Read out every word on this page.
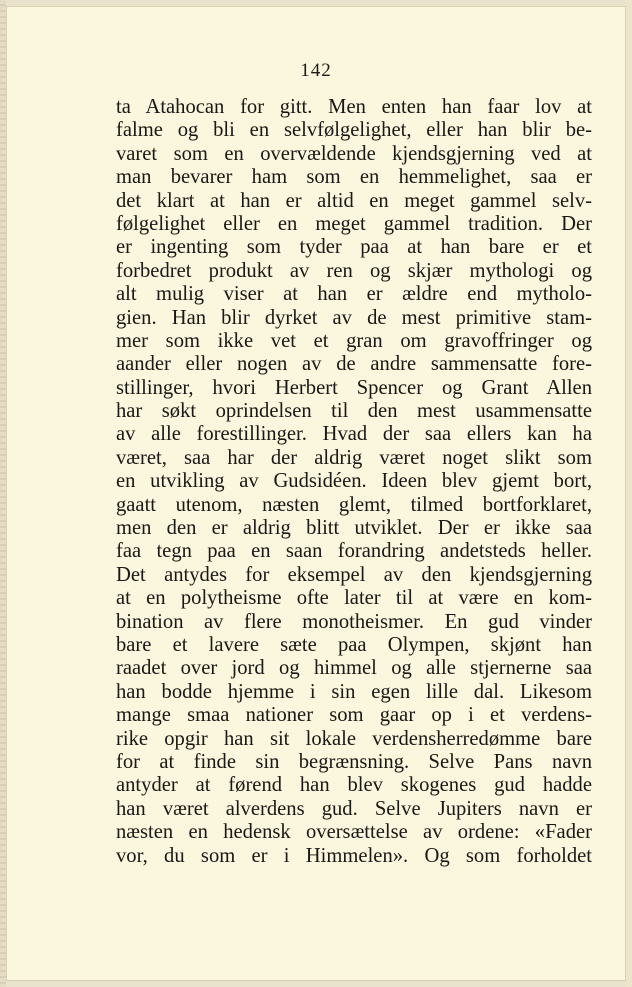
142
ta Atahocan for gitt. Men enten han faar lov at
falme og bli en selvfølgelighet, eller han blir be-
varet som en overvældende kjendsgjerning ved at
man bevarer ham som en hemmelighet, saa er
det klart at han er altid en meget gammel selv-
følgelighet eller en meget gammel tradition. Der
er ingenting som tyder paa at han bare er et
forbedret produkt av ren og skjær mythologi og
alt mulig viser at han er ældre end mytholo-
gien. Han blir dyrket av de mest primitive stam-
mer som ikke vet et gran om gravoffringer og
aander eller nogen av de andre sammensatte fore-
stillinger, hvori Herbert Spencer og Grant Allen
har søkt oprindelsen til den mest usammensatte
av alle forestillinger. Hvad der saa ellers kan ha
været, saa har der aldrig været noget slikt som
en utvikling av Gudsidéen. Ideen blev gjemt bort,
gaatt utenom, næsten glemt, tilmed bortforklaret,
men den er aldrig blitt utviklet. Der er ikke saa
faa tegn paa en saan forandring andetsteds heller.
Det antydes for eksempel av den kjendsgjerning
at en polytheisme ofte later til at være en kom-
bination av flere monotheismer. En gud vinder
bare et lavere sæte paa Olympen, skjønt han
raadet over jord og himmel og alle stjernerne saa
han bodde hjemme i sin egen lille dal. Likesom
mange smaa nationer som gaar op i et verdens-
rike opgir han sit lokale verdensherredømme bare
for at finde sin begrænsning. Selve Pans navn
antyder at førend han blev skogenes gud hadde
han været alverdens gud. Selve Jupiters navn er
næsten en hedensk oversættelse av ordene: «Fader
vor, du som er i Himmelen». Og som forholdet
